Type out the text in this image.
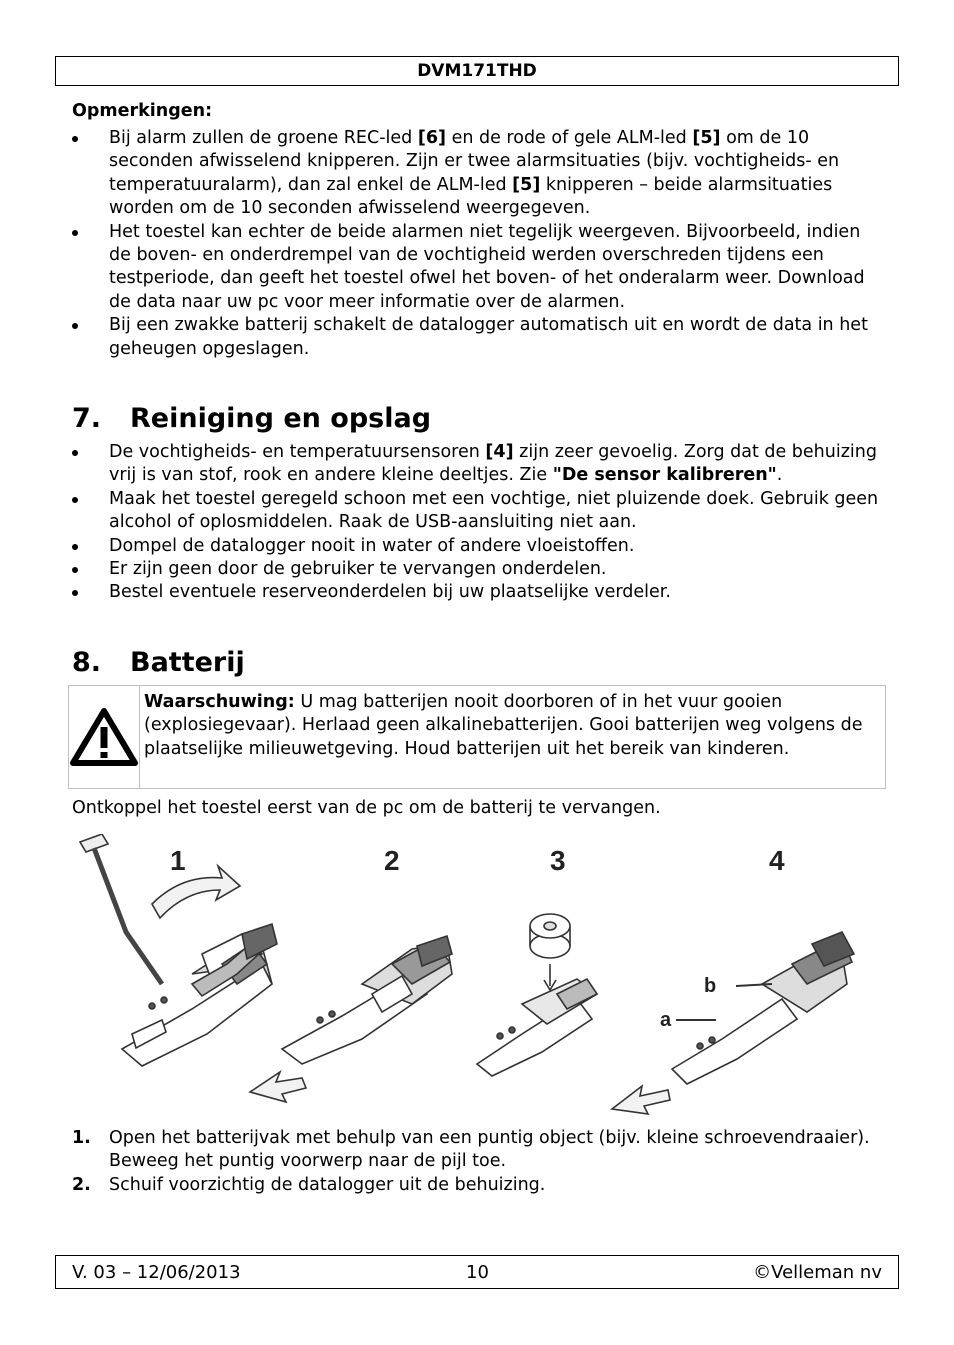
DVM171THD
Opmerkingen:
Bij alarm zullen de groene REC-led [6] en de rode of gele ALM-led [5] om de 10 seconden afwisselend knipperen. Zijn er twee alarmsituaties (bijv. vochtigheids- en temperatuuralarm), dan zal enkel de ALM-led [5] knipperen – beide alarmsituaties worden om de 10 seconden afwisselend weergegeven.
Het toestel kan echter de beide alarmen niet tegelijk weergeven. Bijvoorbeeld, indien de boven- en onderdrempel van de vochtigheid werden overschreden tijdens een testperiode, dan geeft het toestel ofwel het boven- of het onderalarm weer. Download de data naar uw pc voor meer informatie over de alarmen.
Bij een zwakke batterij schakelt de datalogger automatisch uit en wordt de data in het geheugen opgeslagen.
7. Reiniging en opslag
De vochtigheids- en temperatuursensoren [4] zijn zeer gevoelig. Zorg dat de behuizing vrij is van stof, rook en andere kleine deeltjes. Zie "De sensor kalibreren".
Maak het toestel geregeld schoon met een vochtige, niet pluizende doek. Gebruik geen alcohol of oplosmiddelen. Raak de USB-aansluiting niet aan.
Dompel de datalogger nooit in water of andere vloeistoffen.
Er zijn geen door de gebruiker te vervangen onderdelen.
Bestel eventuele reserveonderdelen bij uw plaatselijke verdeler.
8. Batterij
Waarschuwing: U mag batterijen nooit doorboren of in het vuur gooien (explosiegevaar). Herlaad geen alkalinebatterijen. Gooi batterijen weg volgens de plaatselijke milieuwetgeving. Houd batterijen uit het bereik van kinderen.
Ontkoppel het toestel eerst van de pc om de batterij te vervangen.
1	2	3	4
b
a
1. Open het batterijvak met behulp van een puntig object (bijv. kleine schroevendraaier). Beweeg het puntig voorwerp naar de pijl toe.
2. Schuif voorzichtig de datalogger uit de behuizing.
V. 03 – 12/06/2013	10	©Velleman nv
